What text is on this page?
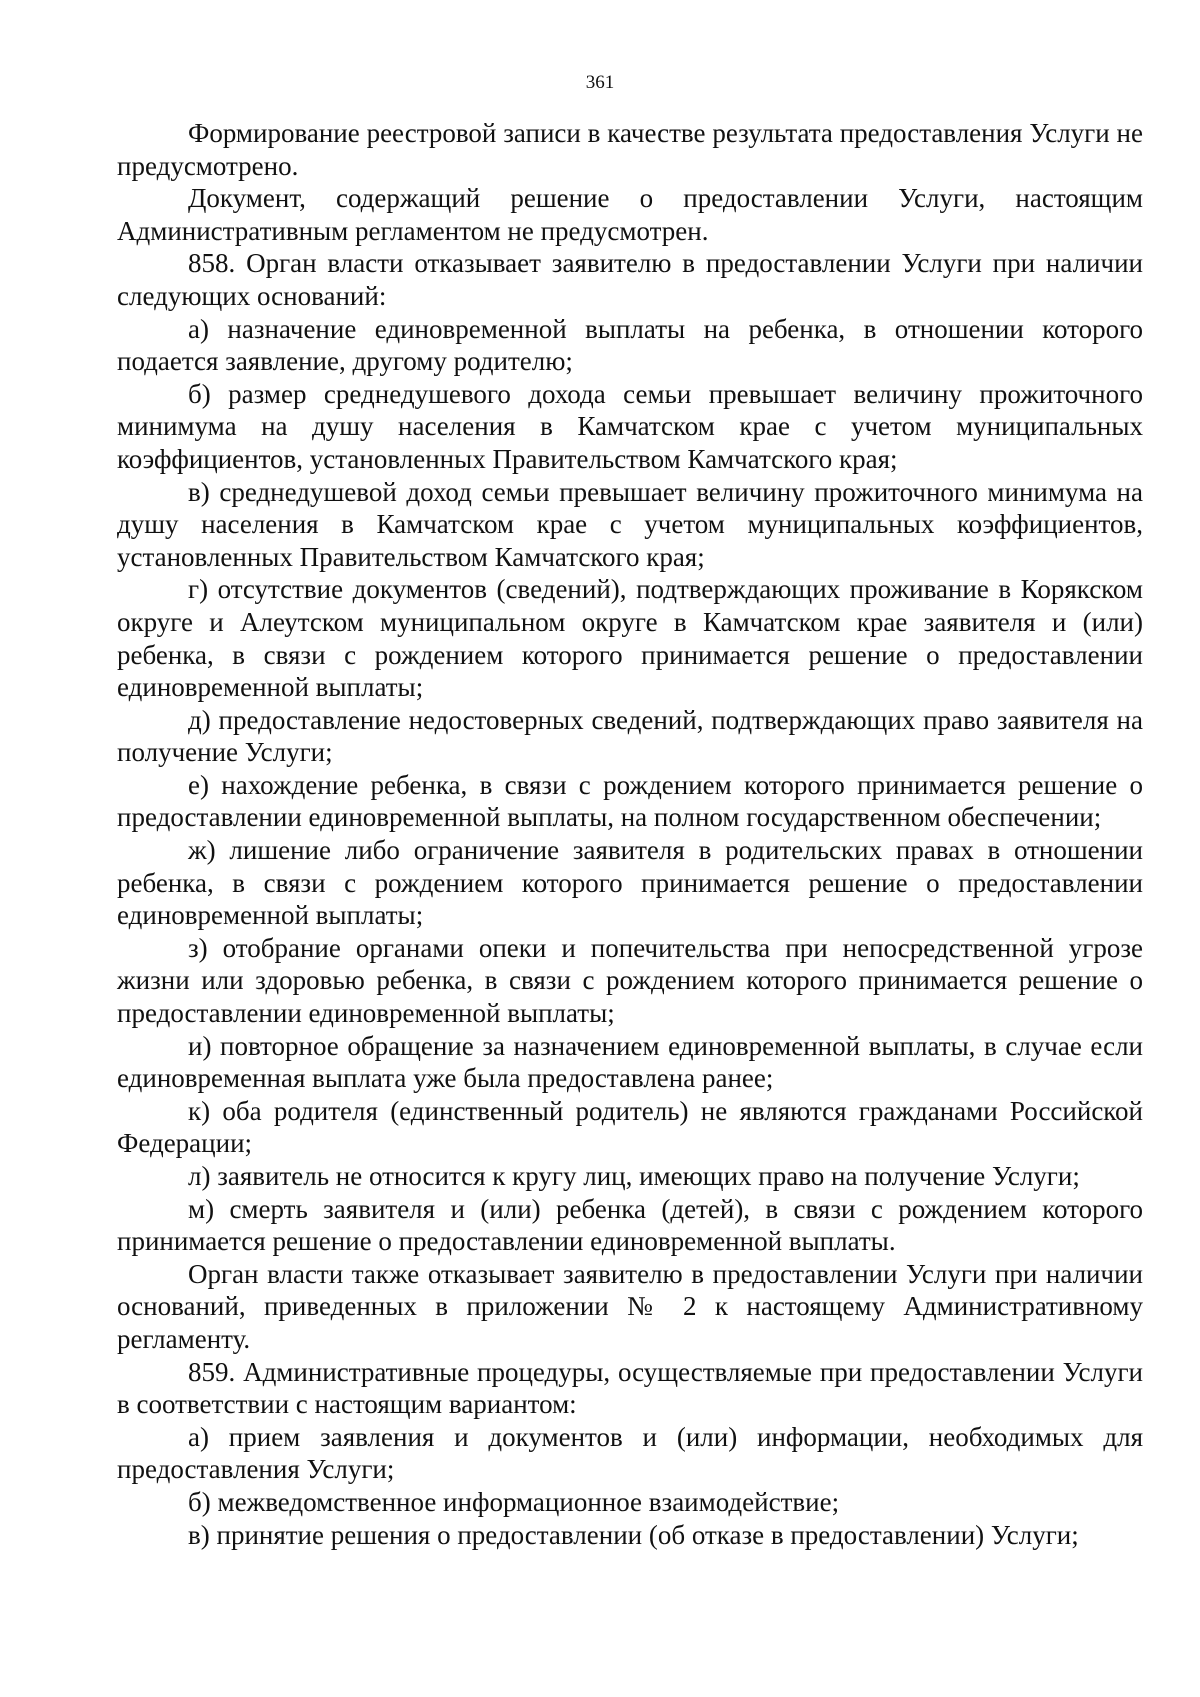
361

Формирование реестровой записи в качестве результата предоставления Услуги не предусмотрено.

Документ, содержащий решение о предоставлении Услуги, настоящим Административным регламентом не предусмотрен.

858. Орган власти отказывает заявителю в предоставлении Услуги при наличии следующих оснований:

а) назначение единовременной выплаты на ребенка, в отношении которого подается заявление, другому родителю;

б) размер среднедушевого дохода семьи превышает величину прожиточного минимума на душу населения в Камчатском крае с учетом муниципальных коэффициентов, установленных Правительством Камчатского края;

в) среднедушевой доход семьи превышает величину прожиточного минимума на душу населения в Камчатском крае с учетом муниципальных коэффициентов, установленных Правительством Камчатского края;

г) отсутствие документов (сведений), подтверждающих проживание в Корякском округе и Алеутском муниципальном округе в Камчатском крае заявителя и (или) ребенка, в связи с рождением которого принимается решение о предоставлении единовременной выплаты;

д) предоставление недостоверных сведений, подтверждающих право заявителя на получение Услуги;

е) нахождение ребенка, в связи с рождением которого принимается решение о предоставлении единовременной выплаты, на полном государственном обеспечении;

ж) лишение либо ограничение заявителя в родительских правах в отношении ребенка, в связи с рождением которого принимается решение о предоставлении единовременной выплаты;

з) отобрание органами опеки и попечительства при непосредственной угрозе жизни или здоровью ребенка, в связи с рождением которого принимается решение о предоставлении единовременной выплаты;

и) повторное обращение за назначением единовременной выплаты, в случае если единовременная выплата уже была предоставлена ранее;

к) оба родителя (единственный родитель) не являются гражданами Российской Федерации;

л) заявитель не относится к кругу лиц, имеющих право на получение Услуги;

м) смерть заявителя и (или) ребенка (детей), в связи с рождением которого принимается решение о предоставлении единовременной выплаты.

Орган власти также отказывает заявителю в предоставлении Услуги при наличии оснований, приведенных в приложении № 2 к настоящему Административному регламенту.

859. Административные процедуры, осуществляемые при предоставлении Услуги в соответствии с настоящим вариантом:

а) прием заявления и документов и (или) информации, необходимых для предоставления Услуги;

б) межведомственное информационное взаимодействие;

в) принятие решения о предоставлении (об отказе в предоставлении) Услуги;
